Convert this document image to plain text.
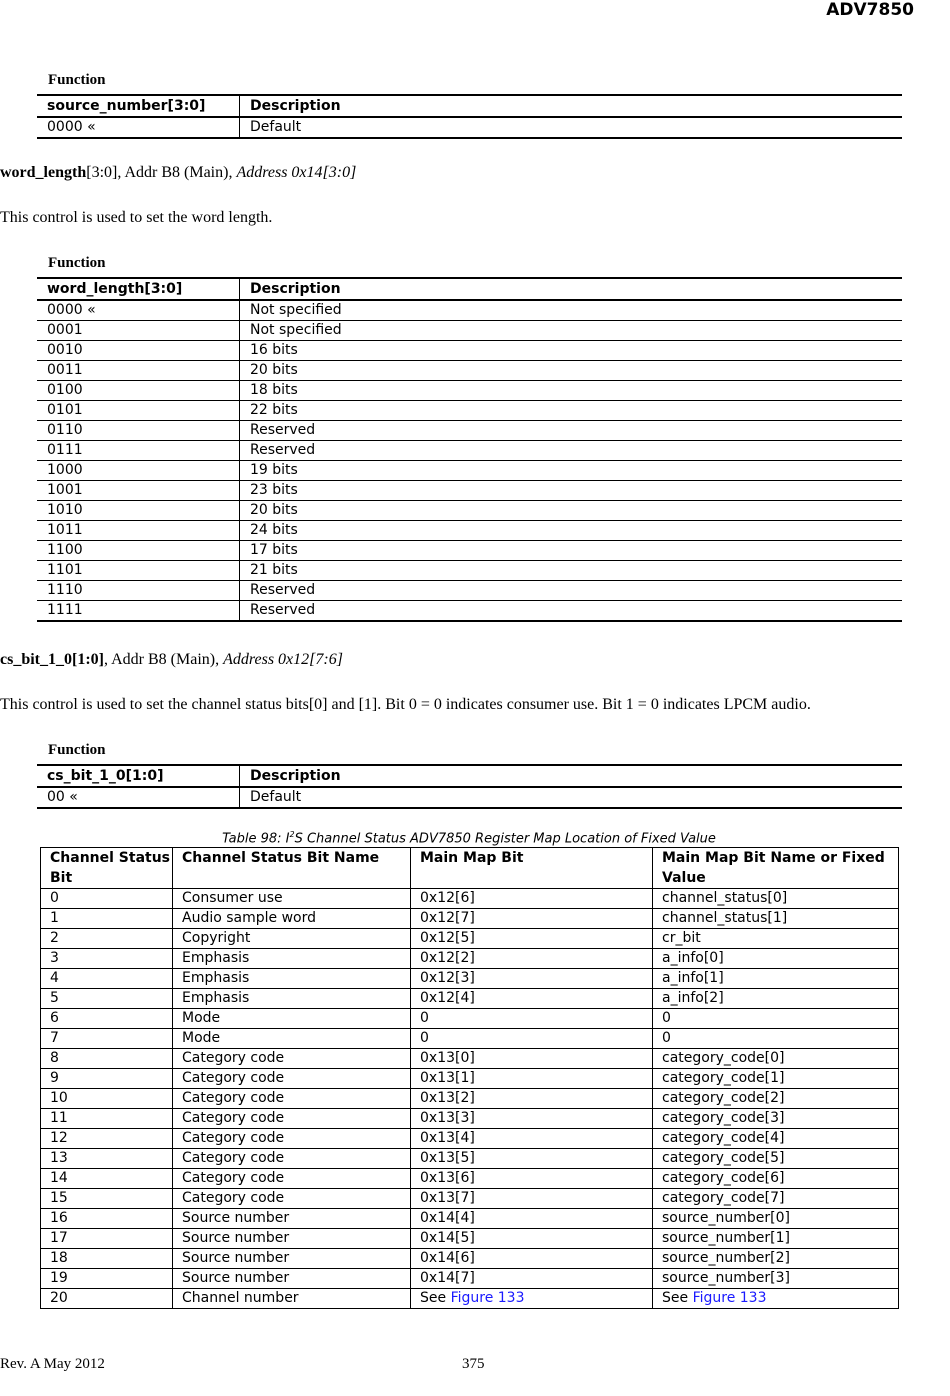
ADV7850
Function
source_number[3:0]	Description
0000 «	Default
word_length[3:0], Addr B8 (Main), Address 0x14[3:0]
This control is used to set the word length.
Function
word_length[3:0]	Description
0000 «	Not specified
0001	Not specified
0010	16 bits
0011	20 bits
0100	18 bits
0101	22 bits
0110	Reserved
0111	Reserved
1000	19 bits
1001	23 bits
1010	20 bits
1011	24 bits
1100	17 bits
1101	21 bits
1110	Reserved
1111	Reserved
cs_bit_1_0[1:0], Addr B8 (Main), Address 0x12[7:6]
This control is used to set the channel status bits[0] and [1]. Bit 0 = 0 indicates consumer use. Bit 1 = 0 indicates LPCM audio.
Function
cs_bit_1_0[1:0]	Description
00 «	Default
Table 98: $I^2S$ Channel Status ADV7850 Register Map Location of Fixed Value
Channel Status Bit	Channel Status Bit Name	Main Map Bit	Main Map Bit Name or Fixed Value
0	Consumer use	0x12[6]	channel_status[0]
1	Audio sample word	0x12[7]	channel_status[1]
2	Copyright	0x12[5]	cr_bit
3	Emphasis	0x12[2]	a_info[0]
4	Emphasis	0x12[3]	a_info[1]
5	Emphasis	0x12[4]	a_info[2]
6	Mode	0	0
7	Mode	0	0
8	Category code	0x13[0]	category_code[0]
9	Category code	0x13[1]	category_code[1]
10	Category code	0x13[2]	category_code[2]
11	Category code	0x13[3]	category_code[3]
12	Category code	0x13[4]	category_code[4]
13	Category code	0x13[5]	category_code[5]
14	Category code	0x13[6]	category_code[6]
15	Category code	0x13[7]	category_code[7]
16	Source number	0x14[4]	source_number[0]
17	Source number	0x14[5]	source_number[1]
18	Source number	0x14[6]	source_number[2]
19	Source number	0x14[7]	source_number[3]
20	Channel number	See Figure 133	See Figure 133
Rev. A May 2012	375
